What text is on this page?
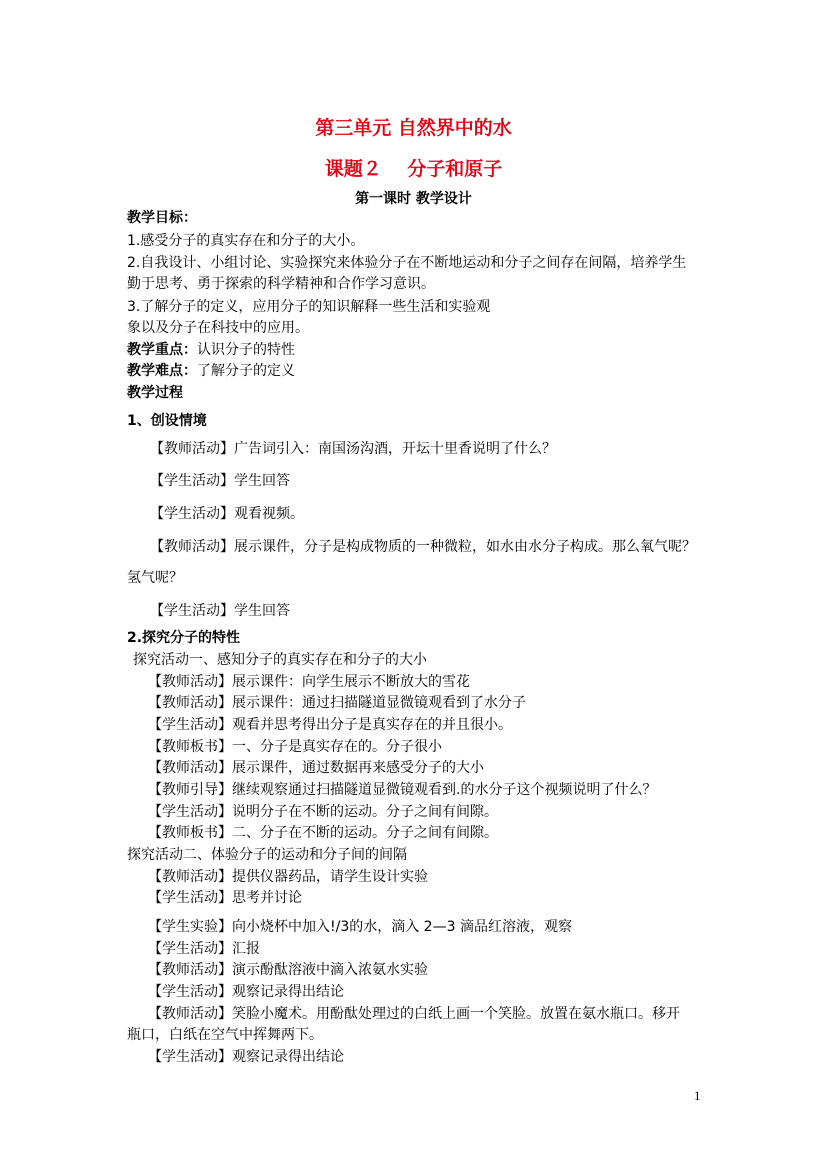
第三单元 自然界中的水
课题２　 分子和原子
第一课时 教学设计

教学目标：

1.感受分子的真实存在和分子的大小。

2.自我设计、小组讨论、实验探究来体验分子在不断地运动和分子之间存在间隔，培养学生

勤于思考、勇于探索的科学精神和合作学习意识。

3.了解分子的定义，应用分子的知识解释一些生活和实验观

象以及分子在科技中的应用。

教学重点：认识分子的特性

教学难点：了解分子的定义

教学过程

1、创设情境

【教师活动】广告词引入：南国汤沟酒，开坛十里香说明了什么？

【学生活动】学生回答

【学生活动】观看视频。

【教师活动】展示课件，分子是构成物质的一种微粒，如水由水分子构成。那么氧气呢？

氢气呢？

【学生活动】学生回答

2.探究分子的特性

探究活动一、感知分子的真实存在和分子的大小

【教师活动】展示课件：向学生展示不断放大的雪花

【教师活动】展示课件：通过扫描隧道显微镜观看到了水分子

【学生活动】观看并思考得出分子是真实存在的并且很小。

【教师板书】一、分子是真实存在的。分子很小

【教师活动】展示课件，通过数据再来感受分子的大小

【教师引导】继续观察通过扫描隧道显微镜观看到.的水分子这个视频说明了什么？

【学生活动】说明分子在不断的运动。分子之间有间隙。

【教师板书】二、分子在不断的运动。分子之间有间隙。

探究活动二、体验分子的运动和分子间的间隔

【教师活动】提供仪器药品，请学生设计实验

【学生活动】思考并讨论

【学生实验】向小烧杯中加入!/3的水，滴入 2—3 滴品红溶液，观察

【学生活动】汇报

【教师活动】演示酚酞溶液中滴入浓氨水实验

【学生活动】观察记录得出结论

【教师活动】笑脸小魔术。用酚酞处理过的白纸上画一个笑脸。放置在氨水瓶口。移开

瓶口，白纸在空气中挥舞两下。

【学生活动】观察记录得出结论

1
